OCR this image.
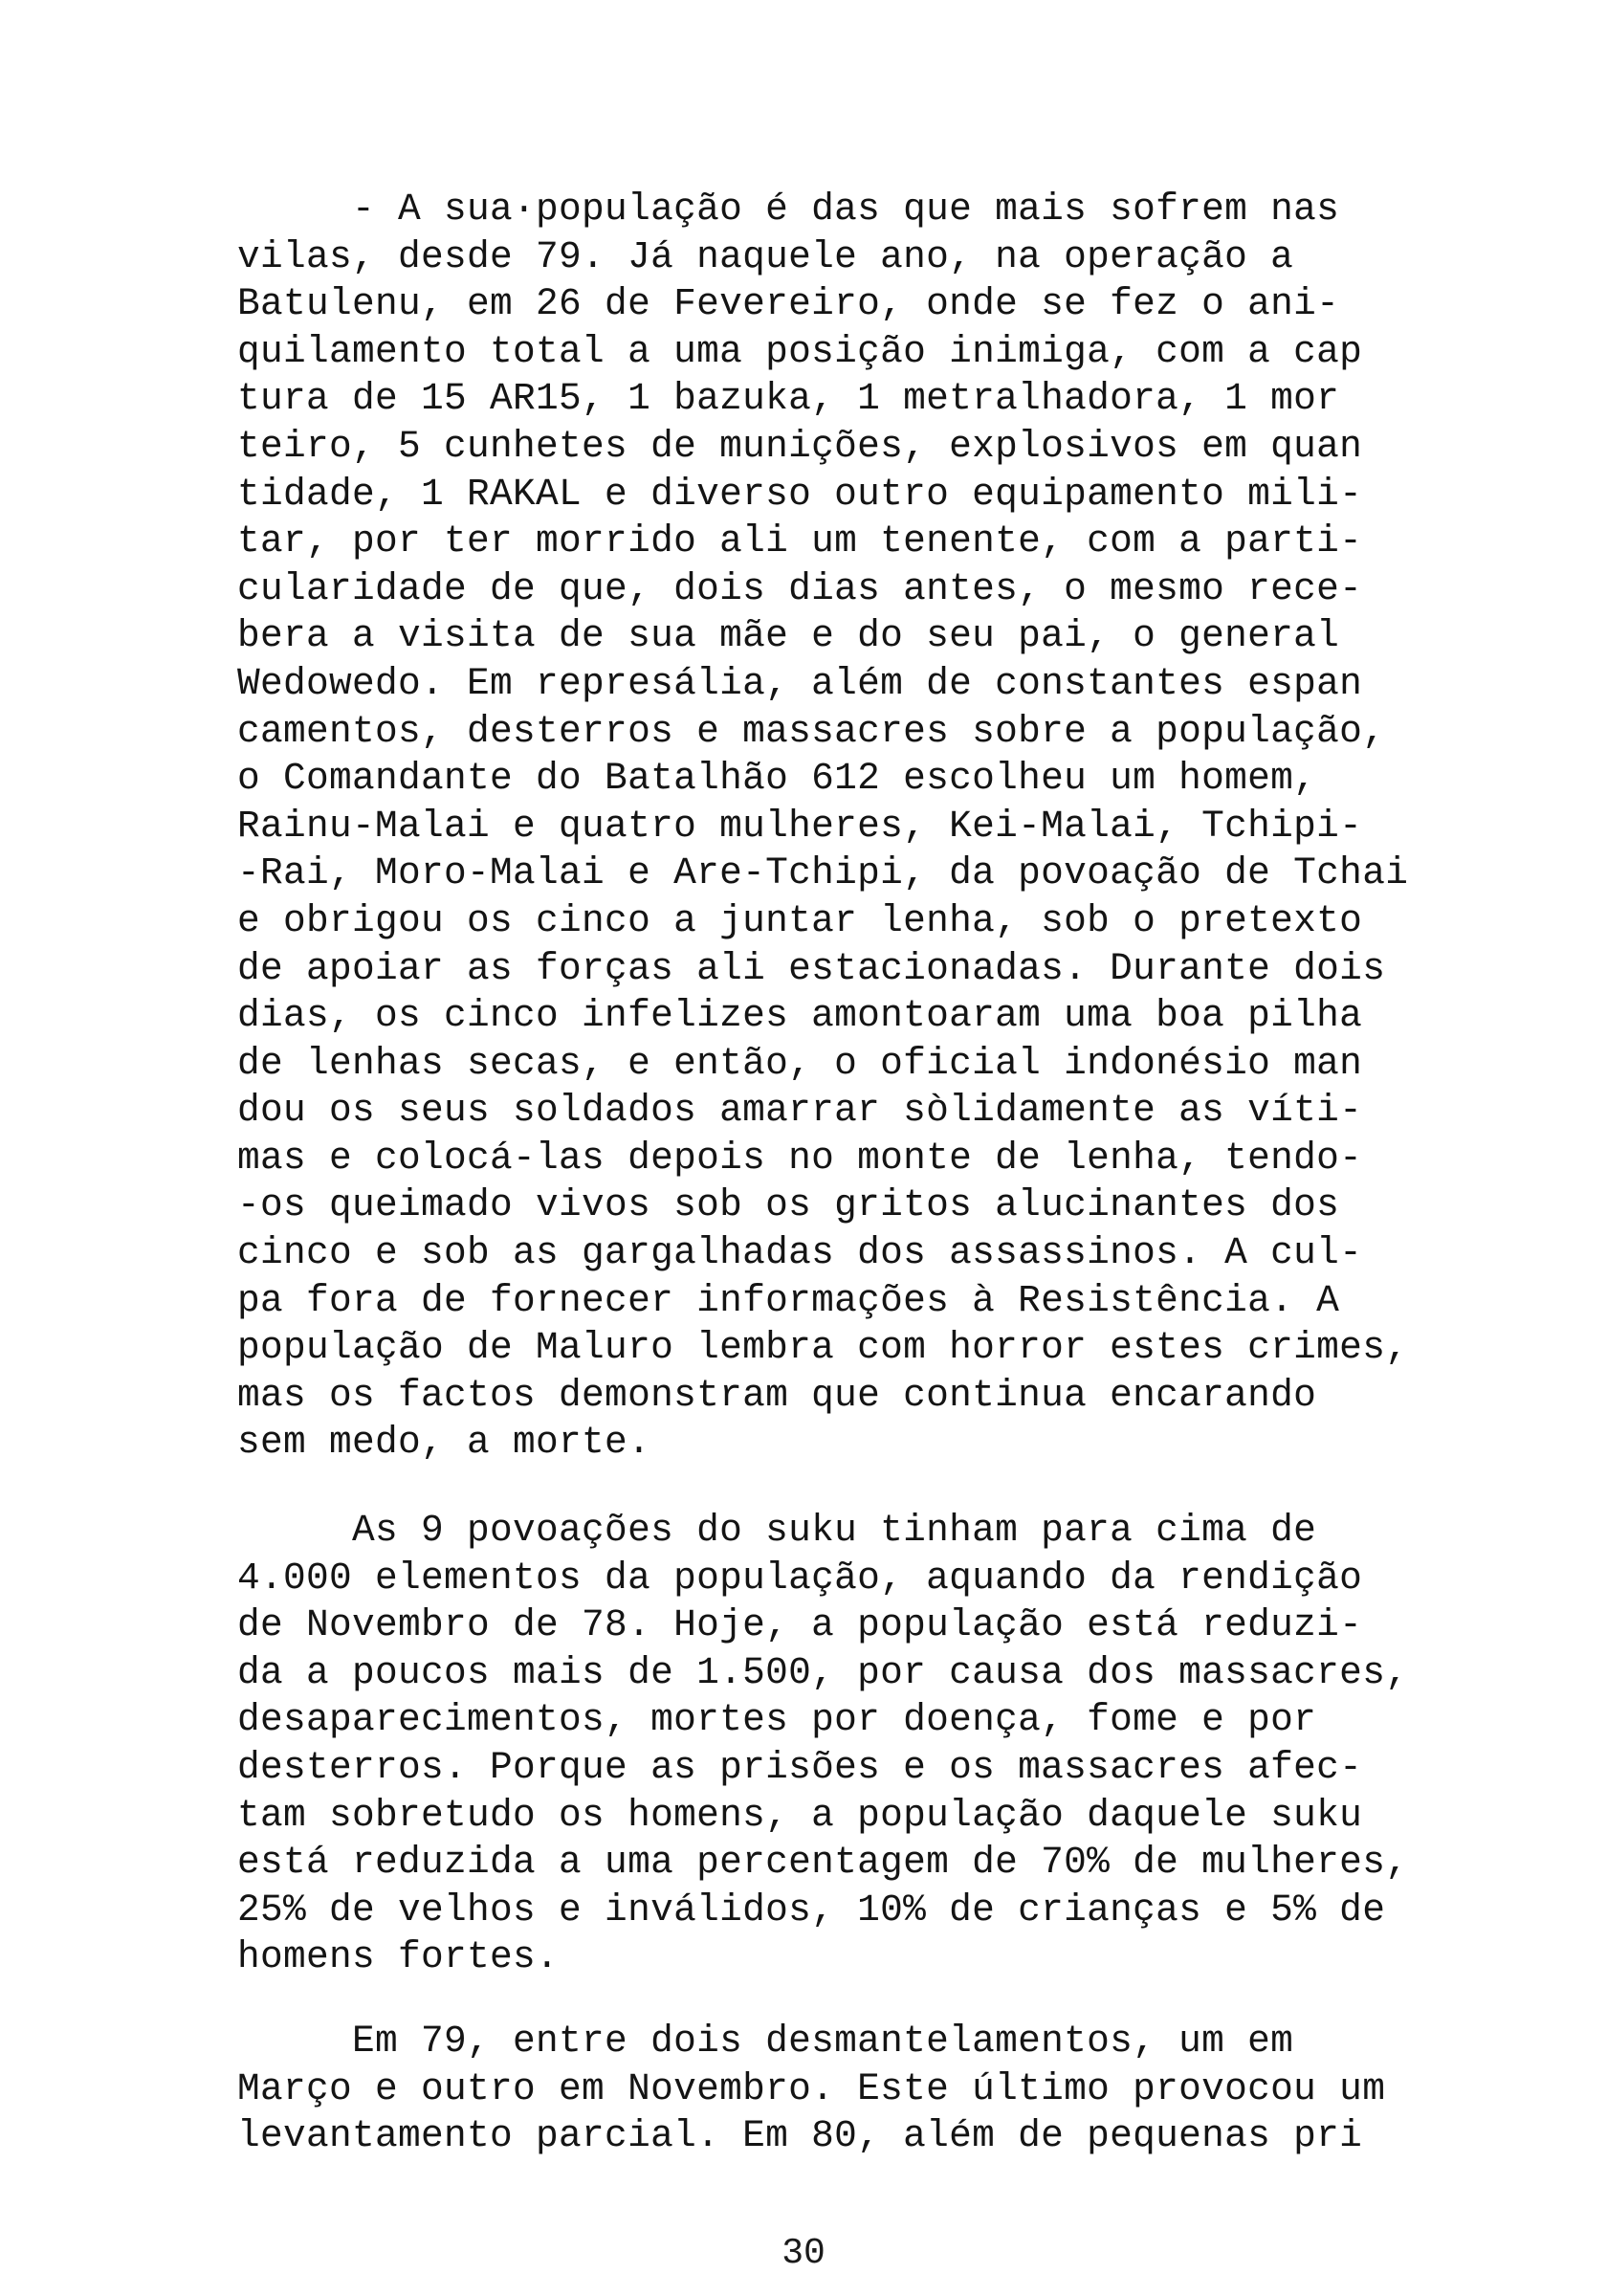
- A sua·população é das que mais sofrem nas
vilas, desde 79. Já naquele ano, na operação a
Batulenu, em 26 de Fevereiro, onde se fez o ani-
quilamento total a uma posição inimiga, com a cap
tura de 15 AR15, 1 bazuka, 1 metralhadora, 1 mor
teiro, 5 cunhetes de munições, explosivos em quan
tidade, 1 RAKAL e diverso outro equipamento mili-
tar, por ter morrido ali um tenente, com a parti-
cularidade de que, dois dias antes, o mesmo rece-
bera a visita de sua mãe e do seu pai, o general
Wedowedo. Em represália, além de constantes espan
camentos, desterros e massacres sobre a população,
o Comandante do Batalhão 612 escolheu um homem,
Rainu-Malai e quatro mulheres, Kei-Malai, Tchipi-
-Rai, Moro-Malai e Are-Tchipi, da povoação de Tchai
e obrigou os cinco a juntar lenha, sob o pretexto
de apoiar as forças ali estacionadas. Durante dois
dias, os cinco infelizes amontoaram uma boa pilha
de lenhas secas, e então, o oficial indonésio man
dou os seus soldados amarrar sòlidamente as víti-
mas e colocá-las depois no monte de lenha, tendo-
-os queimado vivos sob os gritos alucinantes dos
cinco e sob as gargalhadas dos assassinos. A cul-
pa fora de fornecer informações à Resistência. A
população de Maluro lembra com horror estes crimes,
mas os factos demonstram que continua encarando
sem medo, a morte.

As 9 povoações do suku tinham para cima de
4.000 elementos da população, aquando da rendição
de Novembro de 78. Hoje, a população está reduzi-
da a poucos mais de 1.500, por causa dos massacres,
desaparecimentos, mortes por doença, fome e por
desterros. Porque as prisões e os massacres afec-
tam sobretudo os homens, a população daquele suku
está reduzida a uma percentagem de 70% de mulheres,
25% de velhos e inválidos, 10% de crianças e 5% de
homens fortes.

Em 79, entre dois desmantelamentos, um em
Março e outro em Novembro. Este último provocou um
levantamento parcial. Em 80, além de pequenas pri

30
